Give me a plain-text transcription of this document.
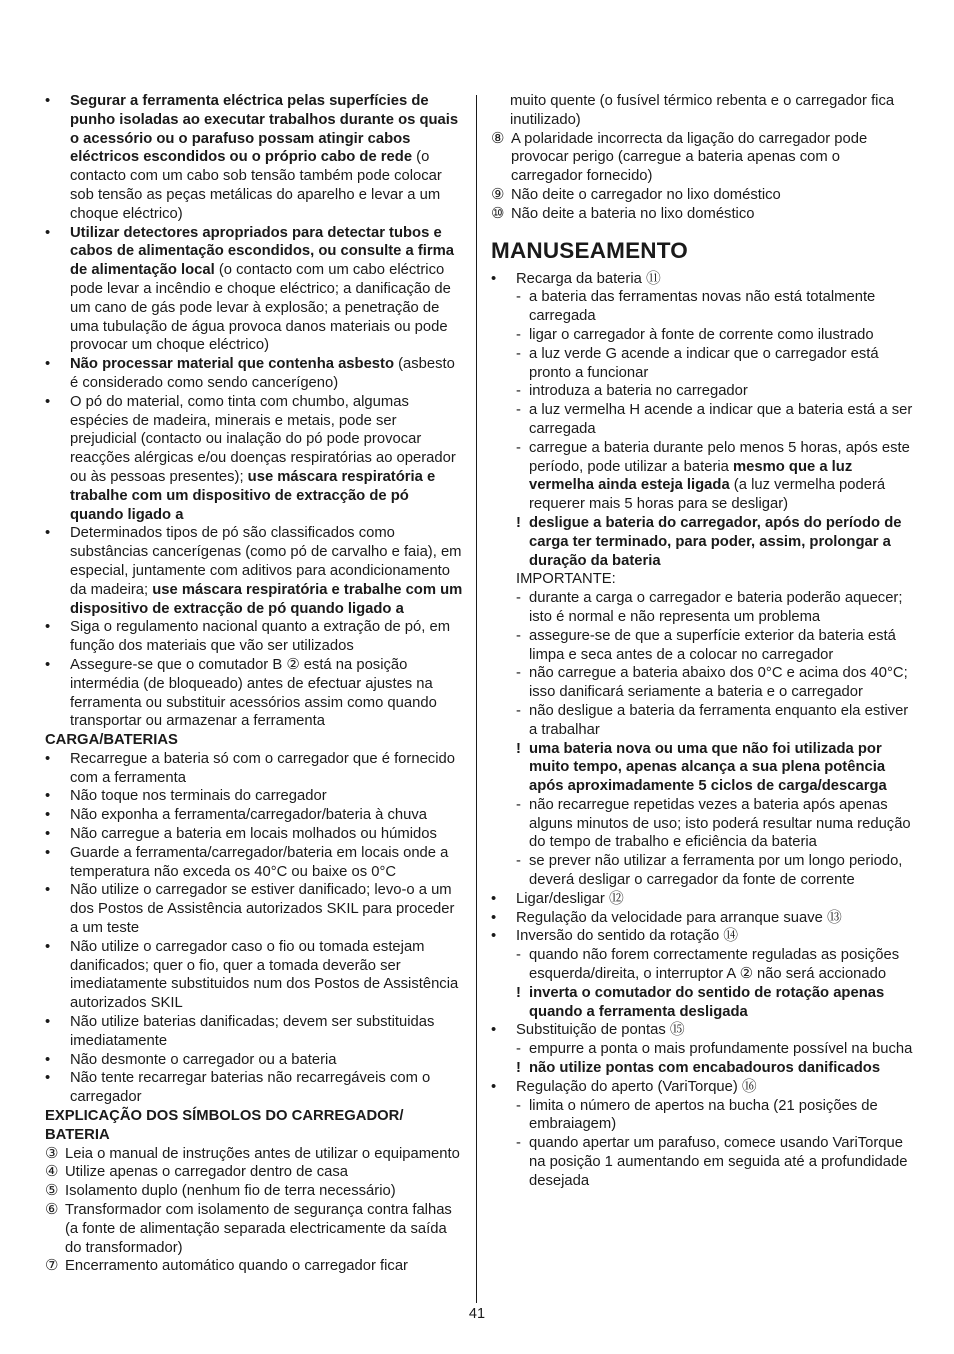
•	Segurar a ferramenta eléctrica pelas superfícies de punho isoladas ao executar trabalhos durante os quais o acessório ou o parafuso possam atingir cabos eléctricos escondidos ou o próprio cabo de rede (o contacto com um cabo sob tensão também pode colocar sob tensão as peças metálicas do aparelho e levar a um choque eléctrico)
•	Utilizar detectores apropriados para detectar tubos e cabos de alimentação escondidos, ou consulte a firma de alimentação local (o contacto com um cabo eléctrico pode levar a incêndio e choque eléctrico; a danificação de um cano de gás pode levar à explosão; a penetração de uma tubulação de água provoca danos materiais ou pode provocar um choque eléctrico)
•	Não processar material que contenha asbesto (asbesto é considerado como sendo cancerígeno)
•	O pó do material, como tinta com chumbo, algumas espécies de madeira, minerais e metais, pode ser prejudicial (contacto ou inalação do pó pode provocar reacções alérgicas e/ou doenças respiratórias ao operador ou às pessoas presentes); use máscara respiratória e trabalhe com um dispositivo de extracção de pó quando ligado a
•	Determinados tipos de pó são classificados como substâncias cancerígenas (como pó de carvalho e faia), em especial, juntamente com aditivos para acondicionamento da madeira; use máscara respiratória e trabalhe com um dispositivo de extracção de pó quando ligado a
•	Siga o regulamento nacional quanto a extração de pó, em função dos materiais que vão ser utilizados
•	Assegure-se que o comutador B ② está na posição intermédia (de bloqueado) antes de efectuar ajustes na ferramenta ou substituir acessórios assim como quando transportar ou armazenar a ferramenta
CARGA/BATERIAS
•	Recarregue a bateria só com o carregador que é fornecido com a ferramenta
•	Não toque nos terminais do carregador
•	Não exponha a ferramenta/carregador/bateria à chuva
•	Não carregue a bateria em locais molhados ou húmidos
•	Guarde a ferramenta/carregador/bateria em locais onde a temperatura não exceda os 40°C ou baixe os 0°C
•	Não utilize o carregador se estiver danificado; levo-o a um dos Postos de Assistência autorizados SKIL para proceder a um teste
•	Não utilize o carregador caso o fio ou tomada estejam danificados; quer o fio, quer a tomada deverão ser imediatamente substituidos num dos Postos de Assistência autorizados SKIL
•	Não utilize baterias danificadas; devem ser substituidas imediatamente
•	Não desmonte o carregador ou a bateria
•	Não tente recarregar baterias não recarregáveis com o carregador
EXPLICAÇÃO DOS SÍMBOLOS DO CARREGADOR/ BATERIA
③ Leia o manual de instruções antes de utilizar o equipamento
④ Utilize apenas o carregador dentro de casa
⑤ Isolamento duplo (nenhum fio de terra necessário)
⑥ Transformador com isolamento de segurança contra falhas (a fonte de alimentação separada electricamente da saída do transformador)
⑦ Encerramento automático quando o carregador ficar
muito quente (o fusível térmico rebenta e o carregador fica inutilizado)
⑧ A polaridade incorrecta da ligação do carregador pode provocar perigo (carregue a bateria apenas com o carregador fornecido)
⑨ Não deite o carregador no lixo doméstico
⑩ Não deite a bateria no lixo doméstico
MANUSEAMENTO
•	Recarga da bateria ⑪
- a bateria das ferramentas novas não está totalmente carregada
- ligar o carregador à fonte de corrente como ilustrado
- a luz verde G acende a indicar que o carregador está pronto a funcionar
- introduza a bateria no carregador
- a luz vermelha H acende a indicar que a bateria está a ser carregada
- carregue a bateria durante pelo menos 5 horas, após este período, pode utilizar a bateria mesmo que a luz vermelha ainda esteja ligada (a luz vermelha poderá requerer mais 5 horas para se desligar)
! desligue a bateria do carregador, após do período de carga ter terminado, para poder, assim, prolongar a duração da bateria
IMPORTANTE:
- durante a carga o carregador e bateria poderão aquecer; isto é normal e não representa um problema
- assegure-se de que a superfície exterior da bateria está limpa e seca antes de a colocar no carregador
- não carregue a bateria abaixo dos 0°C e acima dos 40°C; isso danificará seriamente a bateria e o carregador
- não desligue a bateria da ferramenta enquanto ela estiver a trabalhar
! uma bateria nova ou uma que não foi utilizada por muito tempo, apenas alcança a sua plena potência após aproximadamente 5 ciclos de carga/descarga
- não recarregue repetidas vezes a bateria após apenas alguns minutos de uso; isto poderá resultar numa redução do tempo de trabalho e eficiência da bateria
- se prever não utilizar a ferramenta por um longo periodo, deverá desligar o carregador da fonte de corrente
•	Ligar/desligar ⑫
•	Regulação da velocidade para arranque suave ⑬
•	Inversão do sentido da rotação ⑭
- quando não forem correctamente reguladas as posições esquerda/direita, o interruptor A ② não será accionado
! inverta o comutador do sentido de rotação apenas quando a ferramenta desligada
•	Substituição de pontas ⑮
- empurre a ponta o mais profundamente possível na bucha
! não utilize pontas com encabadouros danificados
•	Regulação do aperto (VariTorque) ⑯
- limita o número de apertos na bucha (21 posições de embraiagem)
- quando apertar um parafuso, comece usando VariTorque na posição 1 aumentando em seguida até a profundidade desejada
41
